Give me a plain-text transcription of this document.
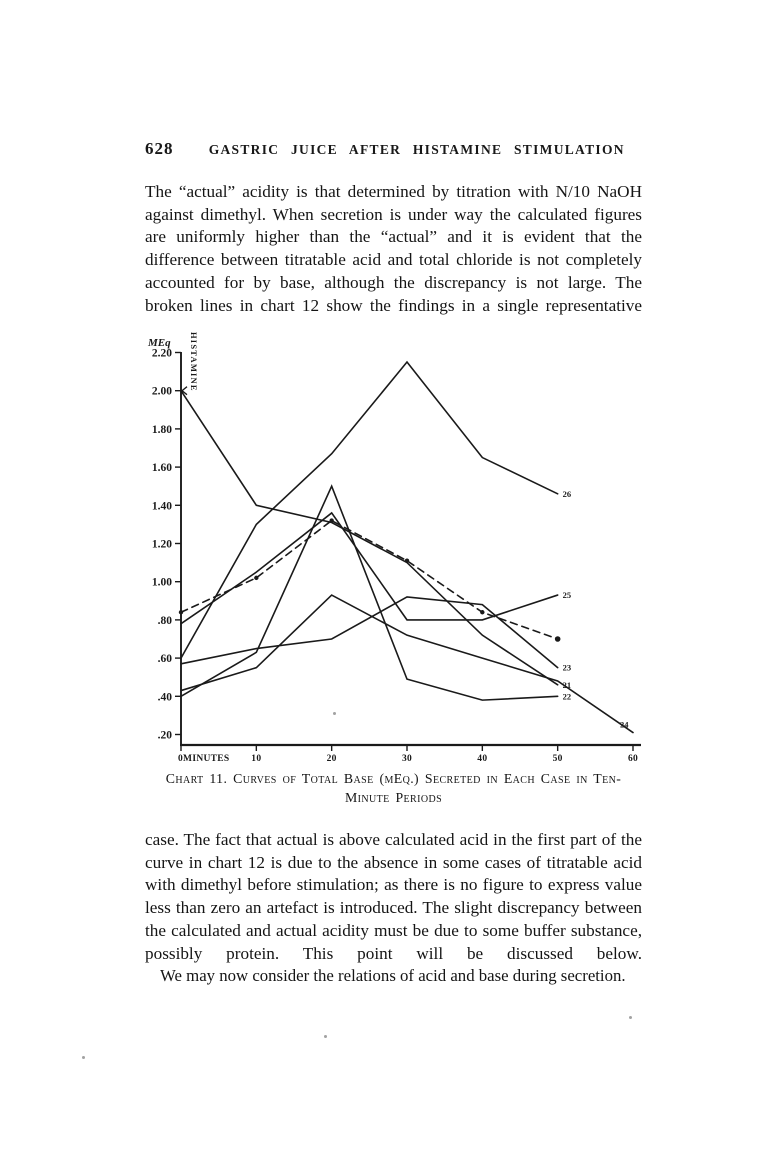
628	GASTRIC JUICE AFTER HISTAMINE STIMULATION
The “actual” acidity is that determined by titration with N/10 NaOH against dimethyl. When secretion is under way the calculated figures are uniformly higher than the “actual” and it is evident that the difference between titratable acid and total chloride is not completely accounted for by base, although the discrepancy is not large. The broken lines in chart 12 show the findings in a single representative
2.20
2.00
1.80
1.60
1.40
1.20
1.00
.80
.60
.40
.20
MEq HISTAMINE
0MINUTES 10	20	30	40	50	60
26
21
25
23
22
24
Chart 11. Curves of Total Base (mEq.) Secreted in Each Case in Ten-
Minute Periods
case. The fact that actual is above calculated acid in the first part of the curve in chart 12 is due to the absence in some cases of titratable acid with dimethyl before stimulation; as there is no figure to express value less than zero an artefact is introduced. The slight discrepancy between the calculated and actual acidity must be due to some buffer substance, possibly protein. This point will be discussed below.
We may now consider the relations of acid and base during secretion.
